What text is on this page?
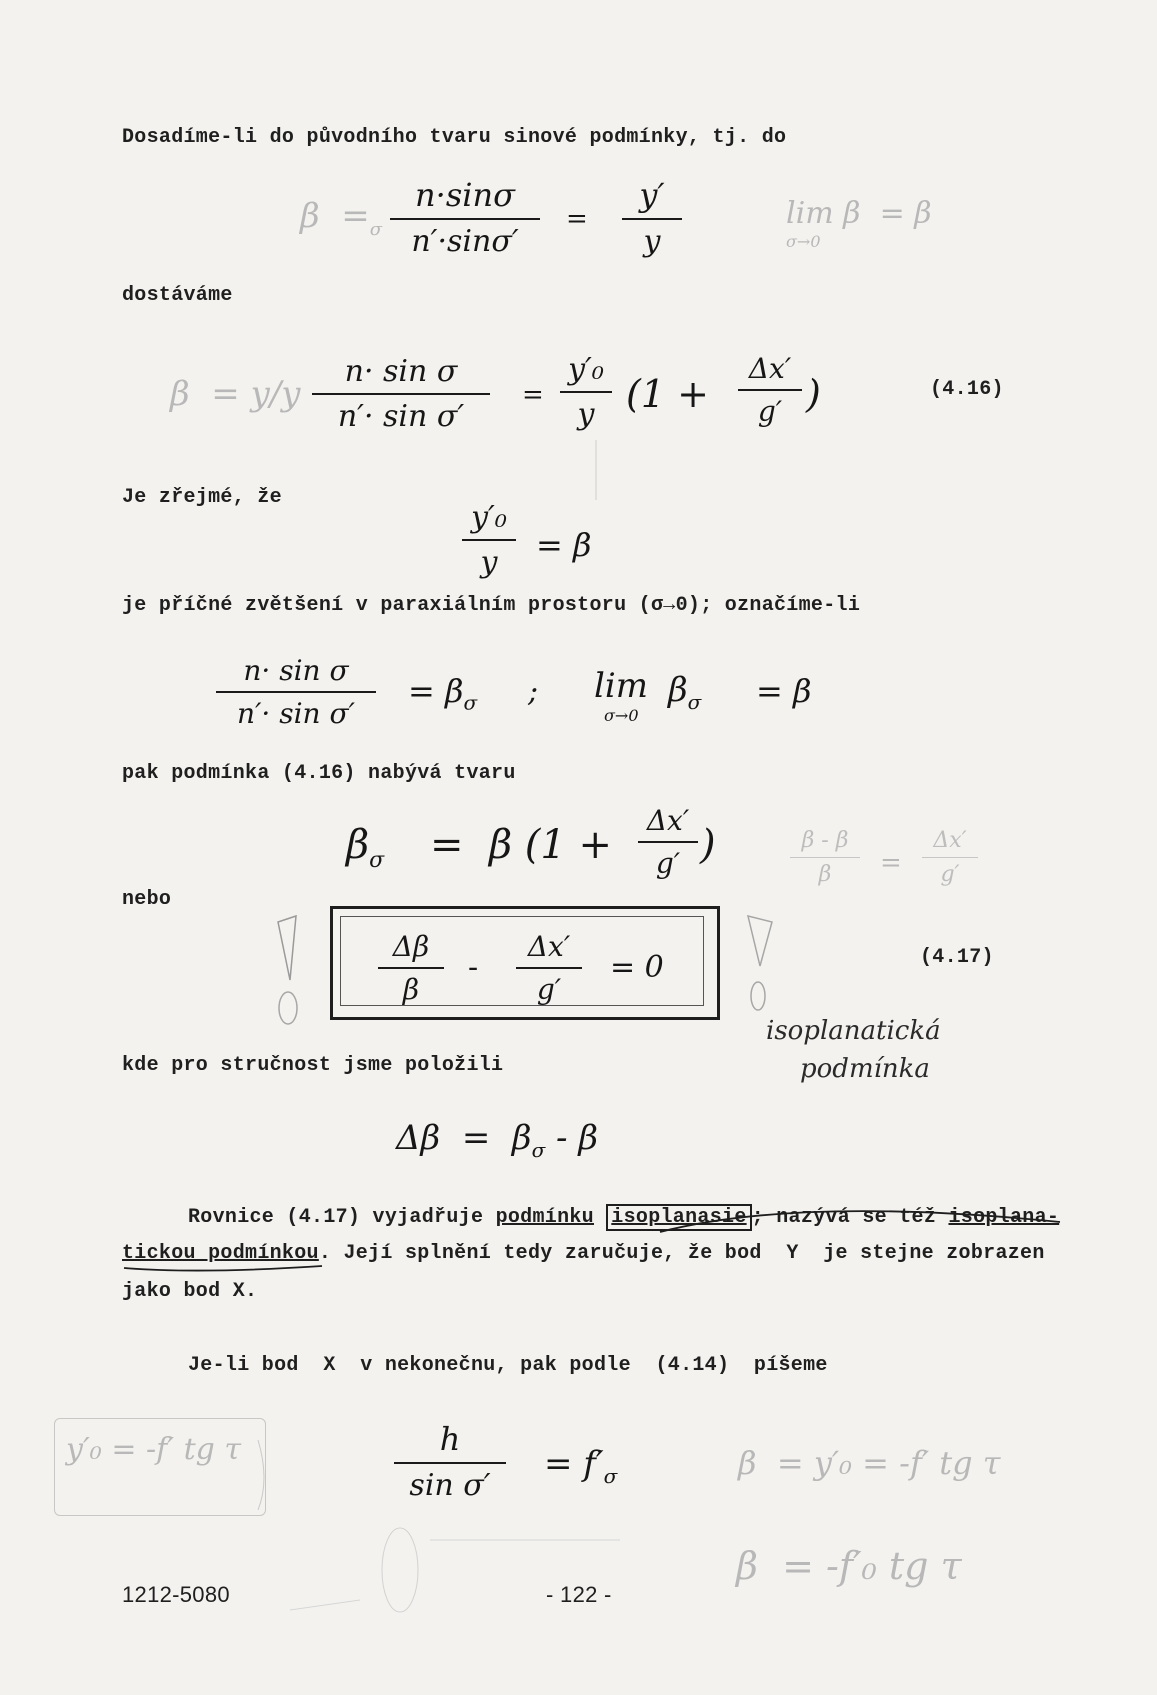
Dosadíme-li do původního tvaru sinové podmínky, tj. do
n·sinσ
n′·sinσ′
=
y′
y
$\beta =_\sigma$	lim β  = β
σ→0
dostáváme
β  = y/y
n· sin σ
n′· sin σ′
=
y′₀
y (1 +
Δx′
g′ )	(4.16)
Je zřejmé, že
y′₀
y	= β
je příčné zvětšení v paraxiálním prostoru (σ→0); označíme-li
n· sin σ
n′· sin σ′
= $\beta_\sigma$ ; lim
σ→0
$\beta_\sigma = \beta$
pak podmínka (4.16) nabývá tvaru
$\beta_\sigma = \beta$ (1 +
Δx′
g′ )	β - β
β	=
Δx′
g′
nebo
Δβ
β
-
Δx′
g′
= 0	(4.17)
isoplanatická
podmínka
kde pro stručnost jsme položili
$\Delta\beta = \beta_\sigma - \beta$
Rovnice (4.17) vyjadřuje podmínku isoplanasie ; nazývá se též isoplana-
tickou podmínkou. Její splnění tedy zaručuje, že bod  Y  je stejne zobrazen
jako bod X.
Je-li bod  X  v nekonečnu, pak podle  (4.14)  píšeme
y′₀ = -f′ tg τ	h
sin σ′
= $f'_\sigma$	β  = y′₀ = -f′ tg τ
β  = -f′₀ tg τ
1212-5080	- 122 -
